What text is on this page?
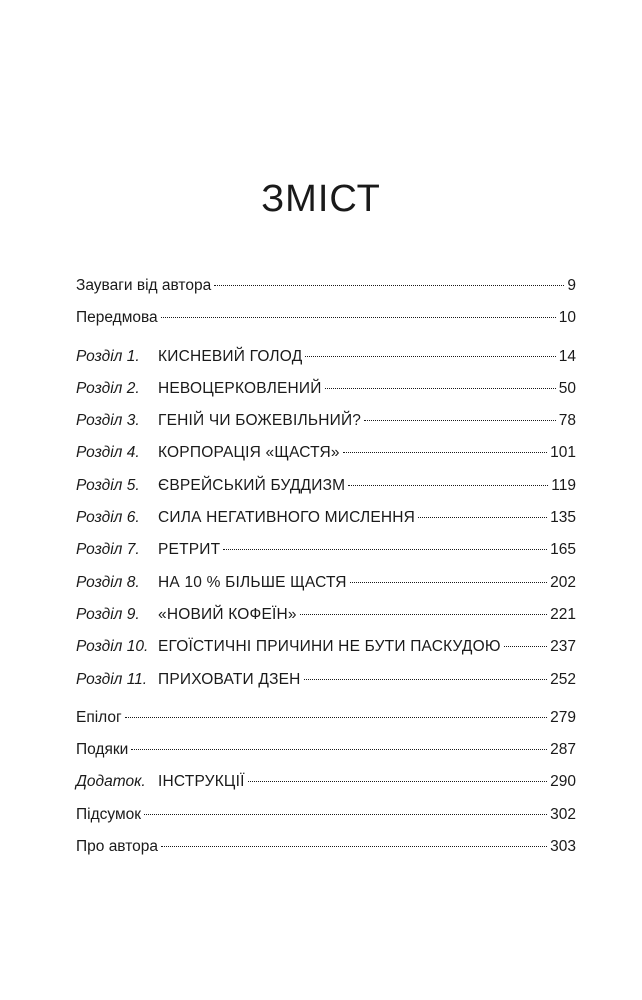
ЗМІСТ
Зауваги від автора	9
Передмова	10
Розділ 1.	КИСНЕВИЙ ГОЛОД	14
Розділ 2.	НЕВОЦЕРКОВЛЕНИЙ	50
Розділ 3.	ГЕНІЙ ЧИ БОЖЕВІЛЬНИЙ?	78
Розділ 4.	КОРПОРАЦІЯ «ЩАСТЯ»	101
Розділ 5.	ЄВРЕЙСЬКИЙ БУДДИЗМ	119
Розділ 6.	СИЛА НЕГАТИВНОГО МИСЛЕННЯ	135
Розділ 7.	РЕТРИТ	165
Розділ 8.	НА 10 % БІЛЬШЕ ЩАСТЯ	202
Розділ 9.	«НОВИЙ КОФЕЇН»	221
Розділ 10. ЕГОЇСТИЧНІ ПРИЧИНИ НЕ БУТИ ПАСКУДОЮ	237
Розділ 11. ПРИХОВАТИ ДЗЕН	252
Епілог	279
Подяки	287
Додаток. ІНСТРУКЦІЇ	290
Підсумок	302
Про автора	303
